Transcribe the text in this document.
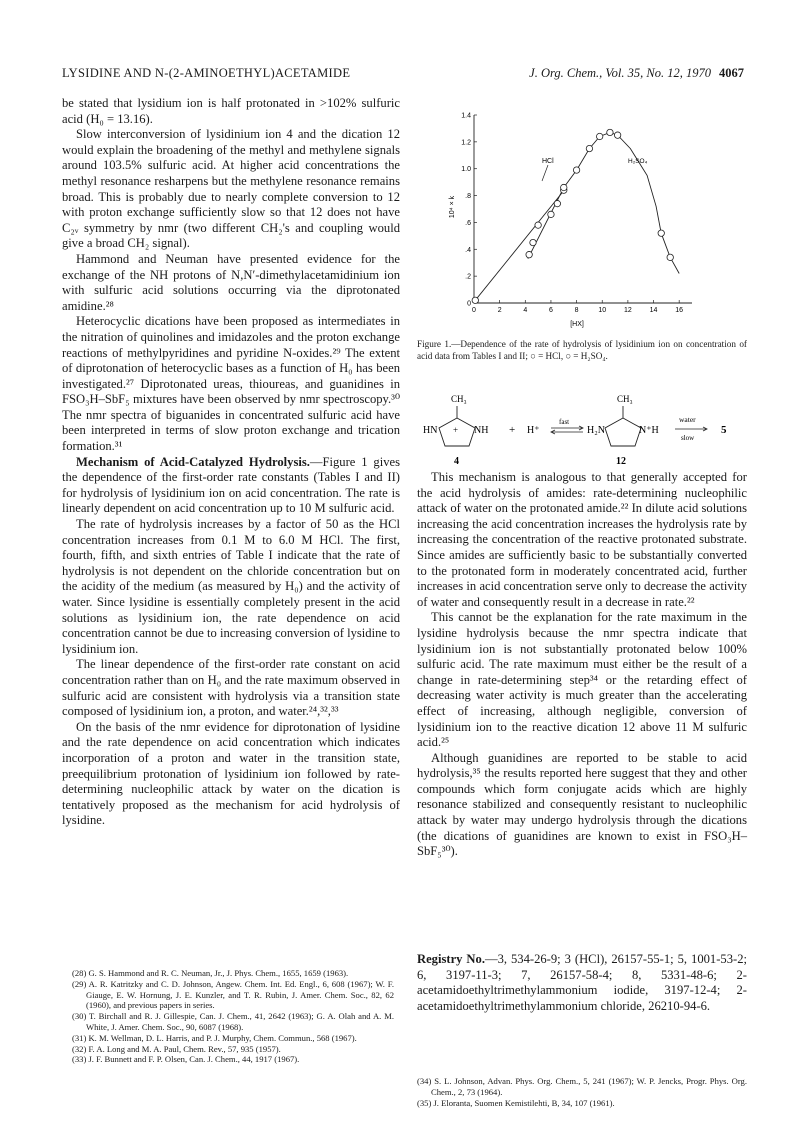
LYSIDINE AND N-(2-AMINOETHYL)ACETAMIDE	J. Org. Chem., Vol. 35, No. 12, 1970 4067

be stated that lysidium ion is half protonated in >102% sulfuric acid (H₀ = 13.16).

Slow interconversion of lysidinium ion 4 and the dication 12 would explain the broadening of the methyl and methylene signals around 103.5% sulfuric acid. At higher acid concentrations the methyl resonance resharpens but the methylene resonance remains broad. This is probably due to nearly complete conversion to 12 with proton exchange sufficiently slow so that 12 does not have C₂ᵥ symmetry by nmr (two different CH₂'s and coupling would give a broad CH₂ signal).

Hammond and Neuman have presented evidence for the exchange of the NH protons of N,N′-dimethylacetamidinium ion with sulfuric acid solutions occurring via the diprotonated amidine.²⁸

Heterocyclic dications have been proposed as intermediates in the nitration of quinolines and imidazoles and the proton exchange reactions of methylpyridines and pyridine N-oxides.²⁹ The extent of diprotonation of heterocyclic bases as a function of H₀ has been investigated.²⁷ Diprotonated ureas, thioureas, and guanidines in FSO₃H–SbF₅ mixtures have been observed by nmr spectroscopy.³⁰ The nmr spectra of biguanides in concentrated sulfuric acid have been interpreted in terms of slow proton exchange and trication formation.³¹

Mechanism of Acid-Catalyzed Hydrolysis.—Figure 1 gives the dependence of the first-order rate constants (Tables I and II) for hydrolysis of lysidinium ion on acid concentration. The rate is linearly dependent on acid concentration up to 10 M sulfuric acid.

The rate of hydrolysis increases by a factor of 50 as the HCl concentration increases from 0.1 M to 6.0 M HCl. The first, fourth, fifth, and sixth entries of Table I indicate that the rate of hydrolysis is not dependent on the chloride concentration but on the acidity of the medium (as measured by H₀) and the activity of water. Since lysidine is essentially completely present in the acid solutions as lysidinium ion, the rate dependence on acid concentration cannot be due to increasing conversion of lysidine to lysidinium ion.

The linear dependence of the first-order rate constant on acid concentration rather than on H₀ and the rate maximum observed in sulfuric acid are consistent with hydrolysis via a transition state composed of lysidinium ion, a proton, and water.²⁴,³²,³³

On the basis of the nmr evidence for diprotonation of lysidine and the rate dependence on acid concentration which indicates incorporation of a proton and water in the transition state, preequilibrium protonation of lysidinium ion followed by rate-determining nucleophilic attack by water on the dication is tentatively proposed as the mechanism for acid hydrolysis of lysidine.

(28) G. S. Hammond and R. C. Neuman, Jr., J. Phys. Chem., 1655, 1659 (1963).

(29) A. R. Katritzky and C. D. Johnson, Angew. Chem. Int. Ed. Engl., 6, 608 (1967); W. F. Giauge, E. W. Hornung, J. E. Kunzler, and T. R. Rubin, J. Amer. Chem. Soc., 82, 62 (1960), and previous papers in series.

(30) T. Birchall and R. J. Gillespie, Can. J. Chem., 41, 2642 (1963); G. A. Olah and A. M. White, J. Amer. Chem. Soc., 90, 6087 (1968).

(31) K. M. Wellman, D. L. Harris, and P. J. Murphy, Chem. Commun., 568 (1967).

(32) F. A. Long and M. A. Paul, Chem. Rev., 57, 935 (1957).

(33) J. F. Bunnett and F. P. Olsen, Can. J. Chem., 44, 1917 (1967).

0	2	4	6	8	10	12	14	16
0
.2
.4
.6
.8
1.0
1.2
1.4
HCl	H₂SO₄
[HX]
10⁴ × k
Figure 1.—Dependence of the rate of hydrolysis of lysidinium ion on concentration of acid data from Tables I and II; ○ = HCl, ○ = H₂SO₄.
CH₃
HN + NH
4
+ H⁺
fast
CH₃
H₂N	N⁺H
12
water
slow
5

This mechanism is analogous to that generally accepted for the acid hydrolysis of amides: rate-determining nucleophilic attack of water on the protonated amide.²² In dilute acid solutions increasing the acid concentration increases the hydrolysis rate by increasing the concentration of the reactive protonated substrate. Since amides are sufficiently basic to be substantially converted to the protonated form in moderately concentrated acid, further increases in acid concentration serve only to decrease the activity of water and consequently result in a decrease in rate.²²

This cannot be the explanation for the rate maximum in the lysidine hydrolysis because the nmr spectra indicate that lysidinium ion is not substantially protonated below 100% sulfuric acid. The rate maximum must either be the result of a change in rate-determining step³⁴ or the retarding effect of decreasing water activity is much greater than the accelerating effect of increasing, although negligible, conversion of lysidinium ion to the reactive dication 12 above 11 M sulfuric acid.²⁵

Although guanidines are reported to be stable to acid hydrolysis,³⁵ the results reported here suggest that they and other compounds which form conjugate acids which are highly resonance stabilized and consequently resistant to nucleophilic attack by water may undergo hydrolysis through the dications (the dications of guanidines are known to exist in FSO₃H–SbF₅³⁰).

Registry No.—3, 534-26-9; 3 (HCl), 26157-55-1; 5, 1001-53-2; 6, 3197-11-3; 7, 26157-58-4; 8, 5331-48-6; 2-acetamidoethyltrimethylammonium iodide, 3197-12-4; 2-acetamidoethyltrimethylammonium chloride, 26210-94-6.

(34) S. L. Johnson, Advan. Phys. Org. Chem., 5, 241 (1967); W. P. Jencks, Progr. Phys. Org. Chem., 2, 73 (1964).

(35) J. Eloranta, Suomen Kemistilehti, B, 34, 107 (1961).
